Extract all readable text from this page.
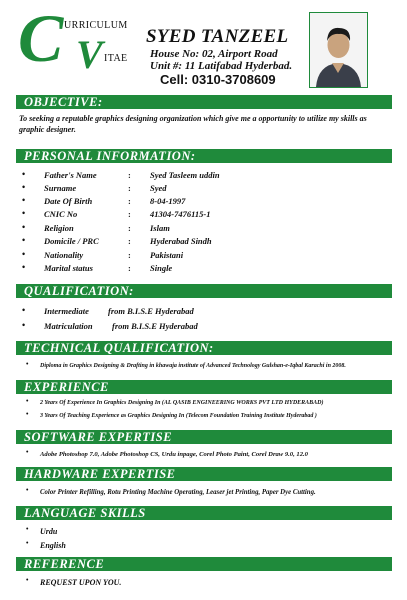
C URRICULUM
V ITAE
SYED TANZEEL
House No: 02, Airport Road
Unit #: 11 Latifabad Hyderbad.
Cell: 0310-3708609
OBJECTIVE:
To seeking a reputable graphics designing organization which give me a opportunity to utilize my skills as graphic designer.
PERSONAL INFORMATION:
• Father's Name	: Syed Tasleem uddin
• Surname	: Syed
• Date Of Birth	: 8-04-1997
• CNIC No	: 41304-7476115-1
• Religion	: Islam
• Domicile / PRC	: Hyderabad Sindh
• Nationality	: Pakistani
• Marital status	: Single
QUALIFICATION:
• Intermediate from B.I.S.E Hyderabad
• Matriculation from B.I.S.E Hyderabad
TECHNICAL QUALIFICATION:
• Diploma in Graphics Designing & Drafting in khawaja institute of Advanced Technology Gulshan-e-Iqbal Karachi in 2008.
EXPERIENCE
• 2 Years Of Experience In Graphics Designing In (AL QASIB ENGINEERING WORKS PVT LTD HYDERABAD)
• 3 Years Of Teaching Experience as Graphics Designing In (Telecom Foundation Training Institute Hyderabad )
SOFTWARE EXPERTISE
• Adobe Photoshop 7.0, Adobe Photoshop CS, Urdu inpage, Corel Photo Paint, Corel Draw 9.0, 12.0
HARDWARE EXPERTISE
• Color Printer Refilling, Rotu Printing Machine Operating, Leaser jet Printing, Paper Dye Cutting.
LANGUAGE SKILLS
• Urdu
• English
REFERENCE
• REQUEST UPON YOU.
